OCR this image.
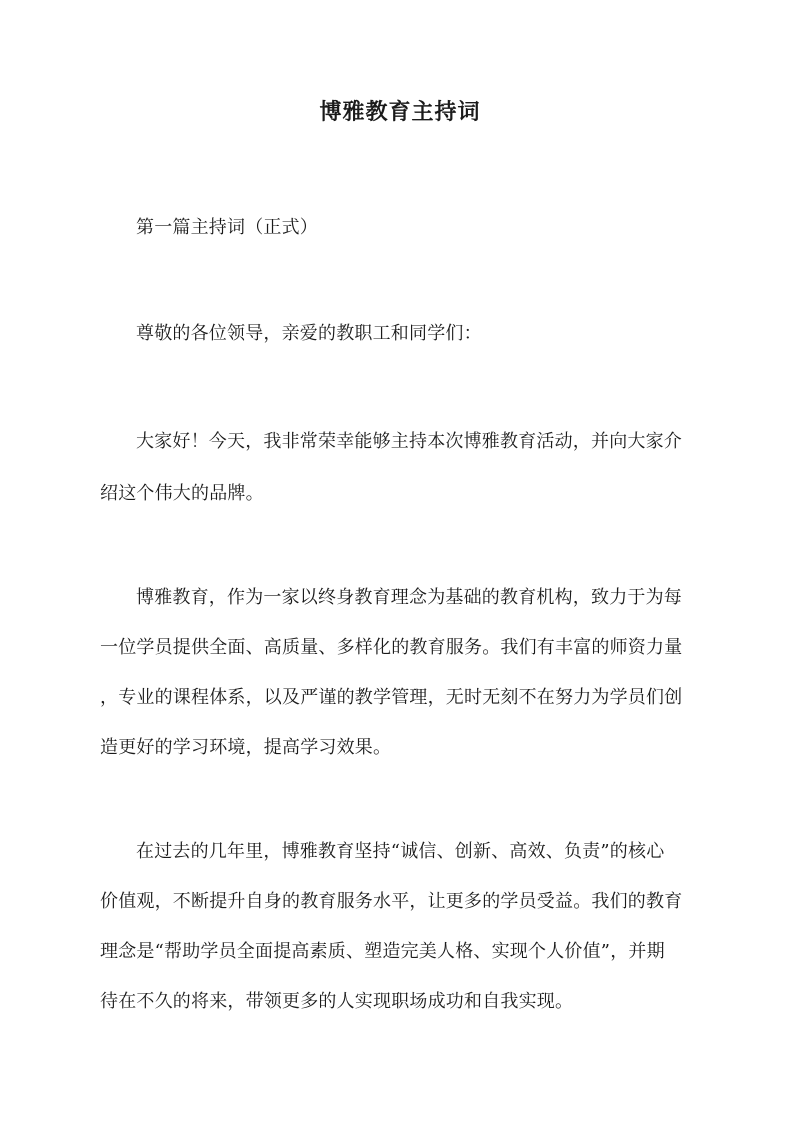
博雅教育主持词
第一篇主持词（正式）
尊敬的各位领导，亲爱的教职工和同学们：
大家好！今天，我非常荣幸能够主持本次博雅教育活动，并向大家介
绍这个伟大的品牌。
博雅教育，作为一家以终身教育理念为基础的教育机构，致力于为每
一位学员提供全面、高质量、多样化的教育服务。我们有丰富的师资力量
，专业的课程体系，以及严谨的教学管理，无时无刻不在努力为学员们创
造更好的学习环境，提高学习效果。
在过去的几年里，博雅教育坚持“诚信、创新、高效、负责”的核心
价值观，不断提升自身的教育服务水平，让更多的学员受益。我们的教育
理念是“帮助学员全面提高素质、塑造完美人格、实现个人价值”，并期
待在不久的将来，带领更多的人实现职场成功和自我实现。
